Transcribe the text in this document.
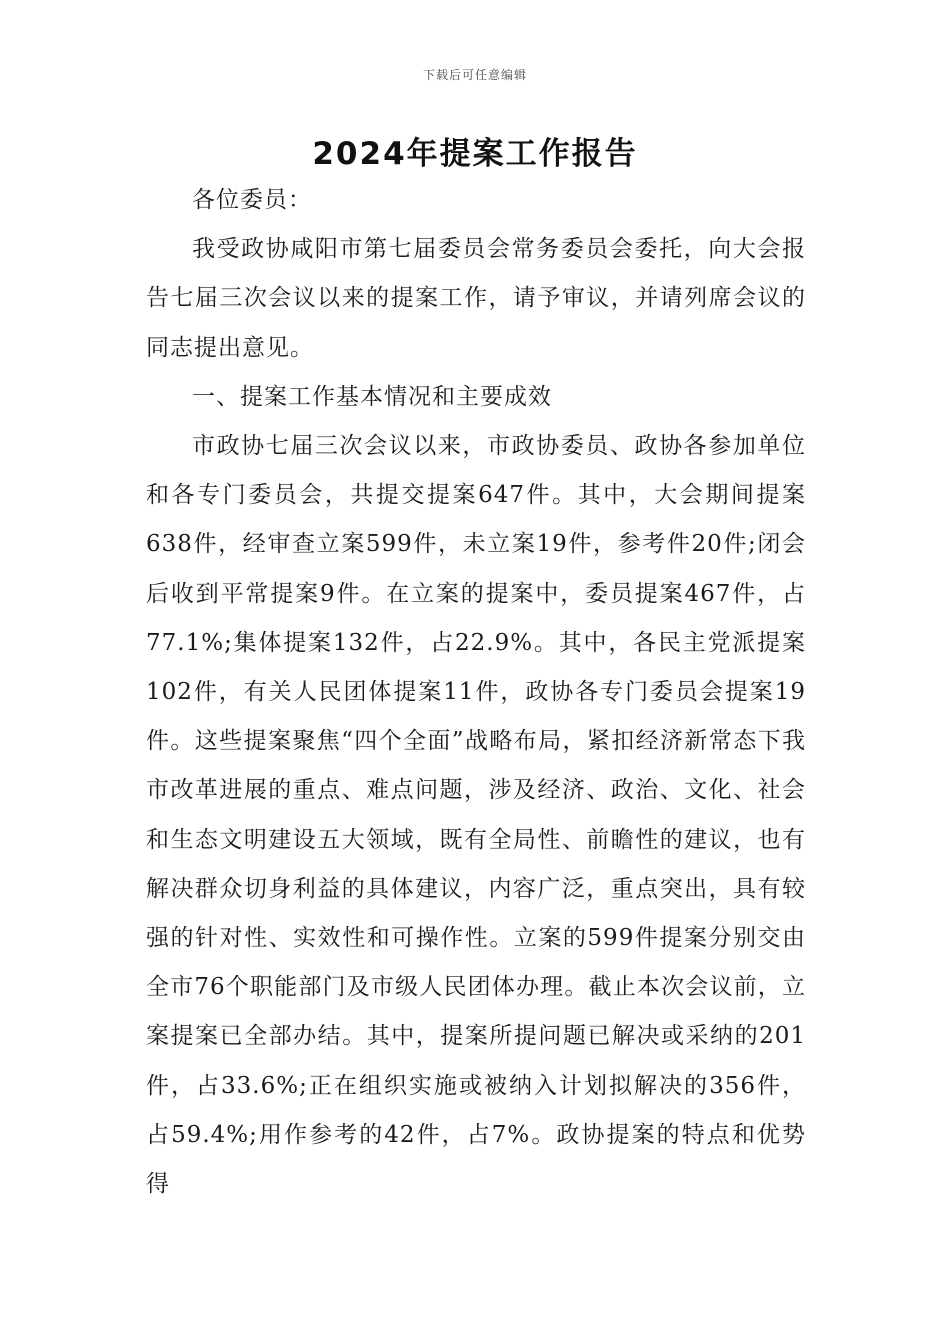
下载后可任意编辑
2024年提案工作报告

各位委员：

我受政协咸阳市第七届委员会常务委员会委托，向大会报告七届三次会议以来的提案工作，请予审议，并请列席会议的同志提出意见。

一、提案工作基本情况和主要成效

市政协七届三次会议以来，市政协委员、政协各参加单位和各专门委员会，共提交提案647件。其中，大会期间提案638件，经审查立案599件，未立案19件，参考件20件;闭会后收到平常提案9件。在立案的提案中，委员提案467件，占77.1%;集体提案132件，占22.9%。其中，各民主党派提案102件，有关人民团体提案11件，政协各专门委员会提案19件。这些提案聚焦“四个全面”战略布局，紧扣经济新常态下我市改革进展的重点、难点问题，涉及经济、政治、文化、社会和生态文明建设五大领域，既有全局性、前瞻性的建议，也有解决群众切身利益的具体建议，内容广泛，重点突出，具有较强的针对性、实效性和可操作性。立案的599件提案分别交由全市76个职能部门及市级人民团体办理。截止本次会议前，立案提案已全部办结。其中，提案所提问题已解决或采纳的201件，占33.6%;正在组织实施或被纳入计划拟解决的356件，占59.4%;用作参考的42件，占7%。政协提案的特点和优势得
